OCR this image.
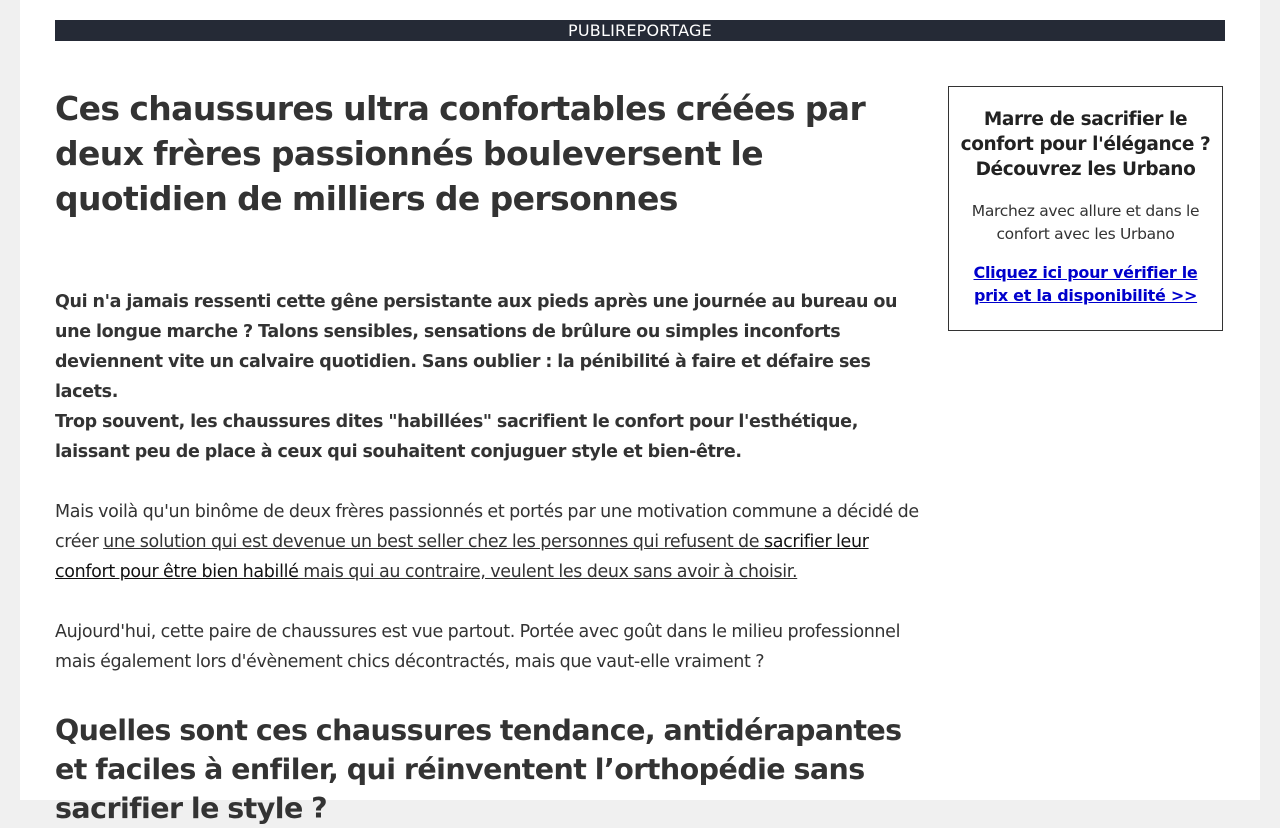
PUBLIREPORTAGE
Ces chaussures ultra confortables créées par deux frères passionnés bouleversent le quotidien de milliers de personnes

Qui n'a jamais ressenti cette gêne persistante aux pieds après une journée au bureau ou une longue marche ? Talons sensibles, sensations de brûlure ou simples inconforts deviennent vite un calvaire quotidien. Sans oublier : la pénibilité à faire et défaire ses lacets.
Trop souvent, les chaussures dites "habillées" sacrifient le confort pour l'esthétique, laissant peu de place à ceux qui souhaitent conjuguer style et bien-être.

Mais voilà qu'un binôme de deux frères passionnés et portés par une motivation commune a décidé de créer une solution qui est devenue un best seller chez les personnes qui refusent de sacrifier leur confort pour être bien habillé mais qui au contraire, veulent les deux sans avoir à choisir.

Aujourd'hui, cette paire de chaussures est vue partout. Portée avec goût dans le milieu professionnel mais également lors d'évènement chics décontractés, mais que vaut-elle vraiment ?

Quelles sont ces chaussures tendance, antidérapantes et faciles à enfiler, qui réinventent l’orthopédie sans sacrifier le style ?
Marre de sacrifier le confort pour l'élégance ? Découvrez les Urbano
Marchez avec allure et dans le confort avec les Urbano
Cliquez ici pour vérifier le prix et la disponibilité >>
